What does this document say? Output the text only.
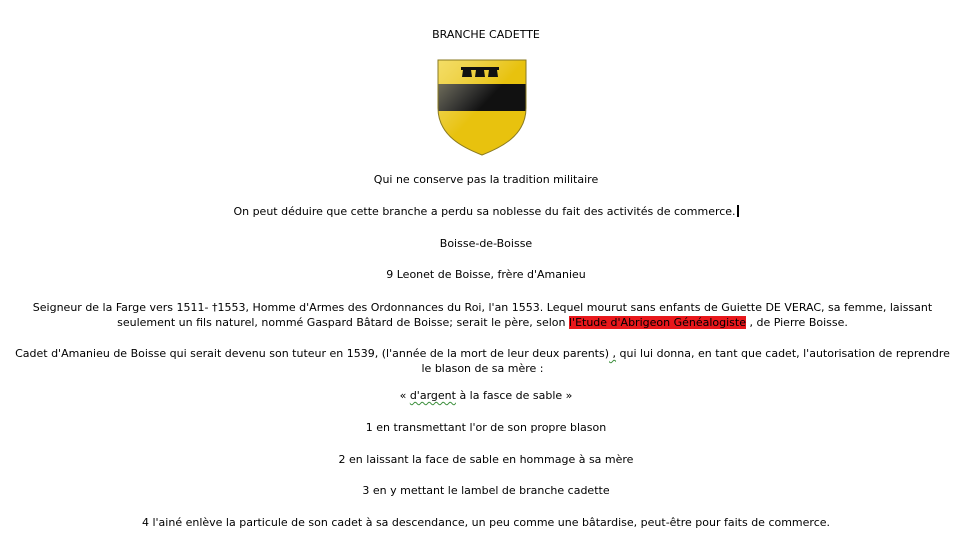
BRANCHE CADETTE
Qui ne conserve pas la tradition militaire
On peut déduire que cette branche a perdu sa noblesse du fait des activités de commerce.
Boisse-de-Boisse
9 Leonet de Boisse, frère d'Amanieu
Seigneur de la Farge vers 1511- †1553, Homme d'Armes des Ordonnances du Roi, l'an 1553. Lequel mourut sans enfants de Guiette DE VERAC, sa femme, laissant seulement un fils naturel, nommé Gaspard Bâtard de Boisse; serait le père, selon l'Etude d'Abrigeon Généalogiste , de Pierre Boisse.
Cadet d'Amanieu de Boisse qui serait devenu son tuteur en 1539, (l'année de la mort de leur deux parents) , qui lui donna, en tant que cadet, l'autorisation de reprendre le blason de sa mère :
« d'argent à la fasce de sable »
1 en transmettant l'or de son propre blason
2 en laissant la face de sable en hommage à sa mère
3 en y mettant le lambel de branche cadette
4 l'ainé enlève la particule de son cadet à sa descendance, un peu comme une bâtardise, peut-être pour faits de commerce.
